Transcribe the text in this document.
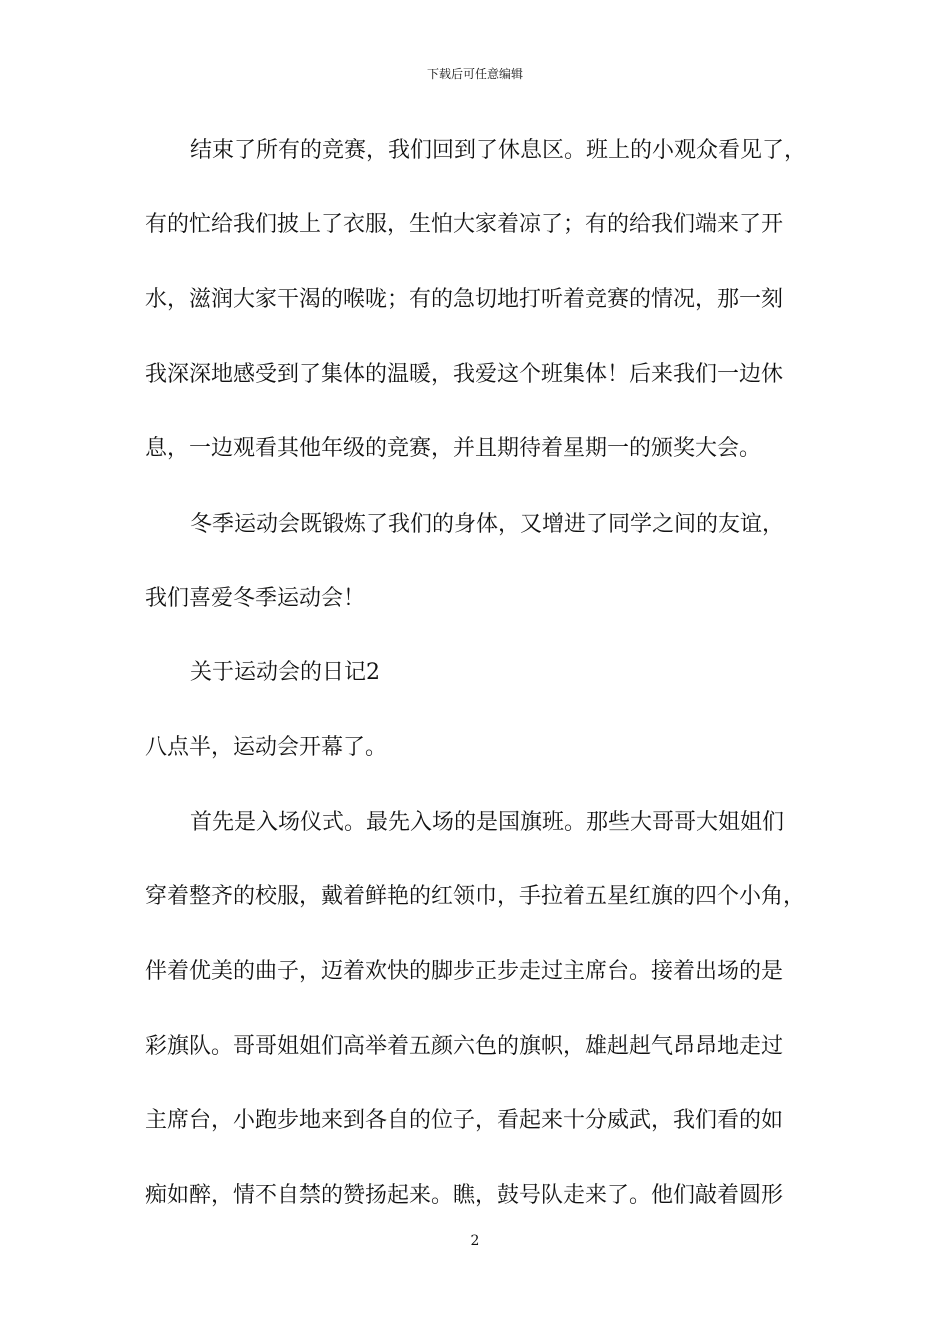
下载后可任意编辑
结束了所有的竞赛，我们回到了休息区。班上的小观众看见了，
有的忙给我们披上了衣服，生怕大家着凉了；有的给我们端来了开
水，滋润大家干渴的喉咙；有的急切地打听着竞赛的情况，那一刻
我深深地感受到了集体的温暖，我爱这个班集体！后来我们一边休
息，一边观看其他年级的竞赛，并且期待着星期一的颁奖大会。
冬季运动会既锻炼了我们的身体，又增进了同学之间的友谊，
我们喜爱冬季运动会！
关于运动会的日记2
八点半，运动会开幕了。
首先是入场仪式。最先入场的是国旗班。那些大哥哥大姐姐们
穿着整齐的校服，戴着鲜艳的红领巾，手拉着五星红旗的四个小角，
伴着优美的曲子，迈着欢快的脚步正步走过主席台。接着出场的是
彩旗队。哥哥姐姐们高举着五颜六色的旗帜，雄赳赳气昂昂地走过
主席台，小跑步地来到各自的位子，看起来十分威武，我们看的如
痴如醉，情不自禁的赞扬起来。瞧，鼓号队走来了。他们敲着圆形
2
